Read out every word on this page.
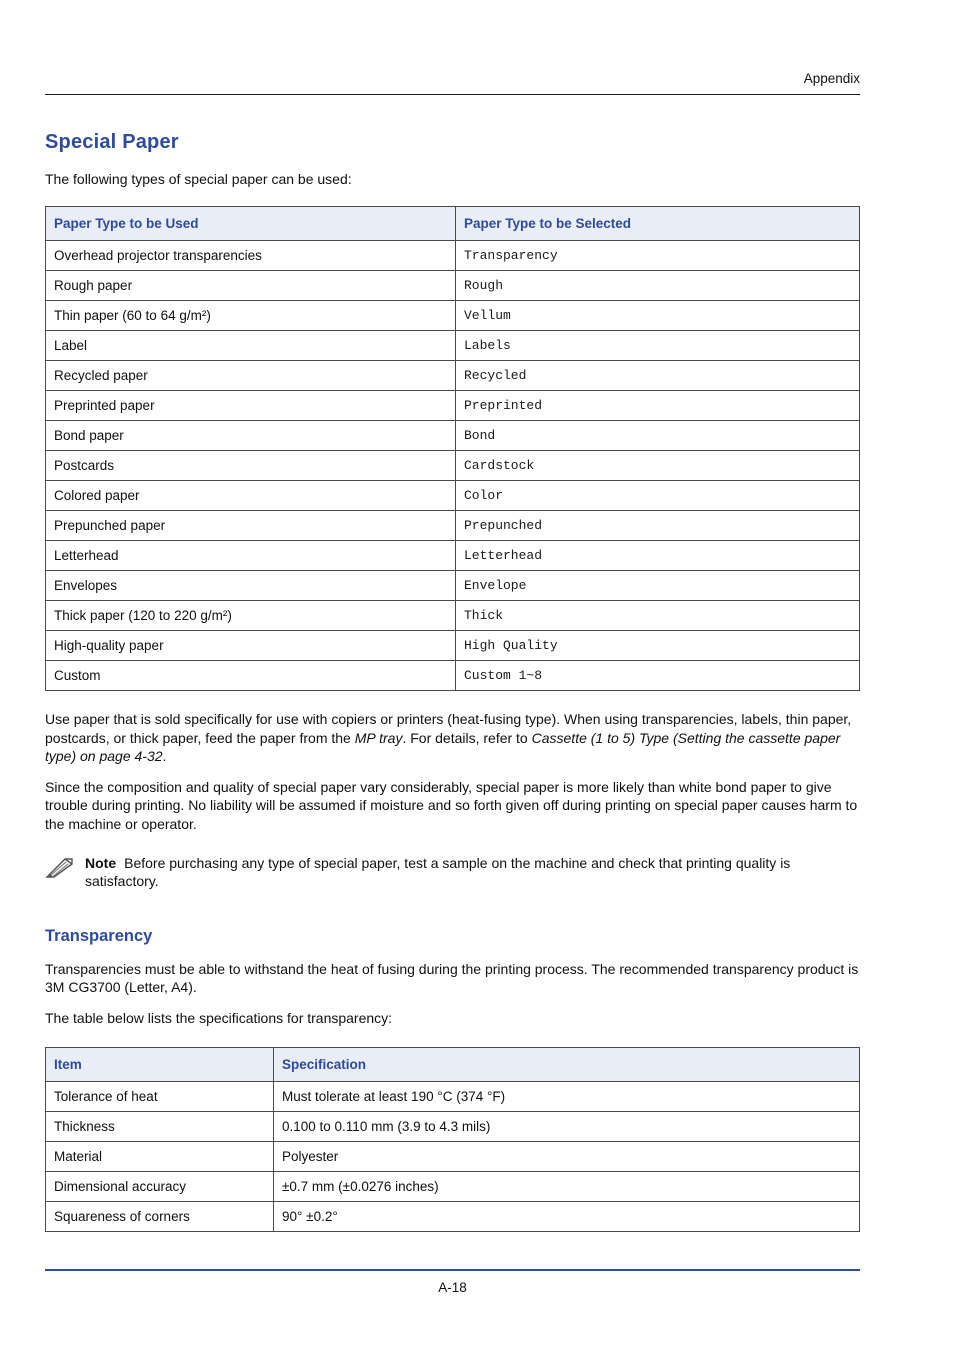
Appendix
Special Paper

The following types of special paper can be used:

Paper Type to be Used	Paper Type to be Selected
Overhead projector transparencies	Transparency
Rough paper	Rough
Thin paper (60 to 64 g/m²)	Vellum
Label	Labels
Recycled paper	Recycled
Preprinted paper	Preprinted
Bond paper	Bond
Postcards	Cardstock
Colored paper	Color
Prepunched paper	Prepunched
Letterhead	Letterhead
Envelopes	Envelope
Thick paper (120 to 220 g/m²)	Thick
High-quality paper	High Quality
Custom	Custom 1~8

Use paper that is sold specifically for use with copiers or printers (heat-fusing type). When using transparencies, labels, thin paper, postcards, or thick paper, feed the paper from the MP tray. For details, refer to Cassette (1 to 5) Type (Setting the cassette paper type) on page 4-32.

Since the composition and quality of special paper vary considerably, special paper is more likely than white bond paper to give trouble during printing. No liability will be assumed if moisture and so forth given off during printing on special paper causes harm to the machine or operator.

Note Before purchasing any type of special paper, test a sample on the machine and check that printing quality is satisfactory.

Transparency

Transparencies must be able to withstand the heat of fusing during the printing process. The recommended transparency product is 3M CG3700 (Letter, A4).

The table below lists the specifications for transparency:

Item	Specification
Tolerance of heat	Must tolerate at least 190 °C (374 °F)
Thickness	0.100 to 0.110 mm (3.9 to 4.3 mils)
Material	Polyester
Dimensional accuracy	±0.7 mm (±0.0276 inches)
Squareness of corners	90° ±0.2°
A-18
